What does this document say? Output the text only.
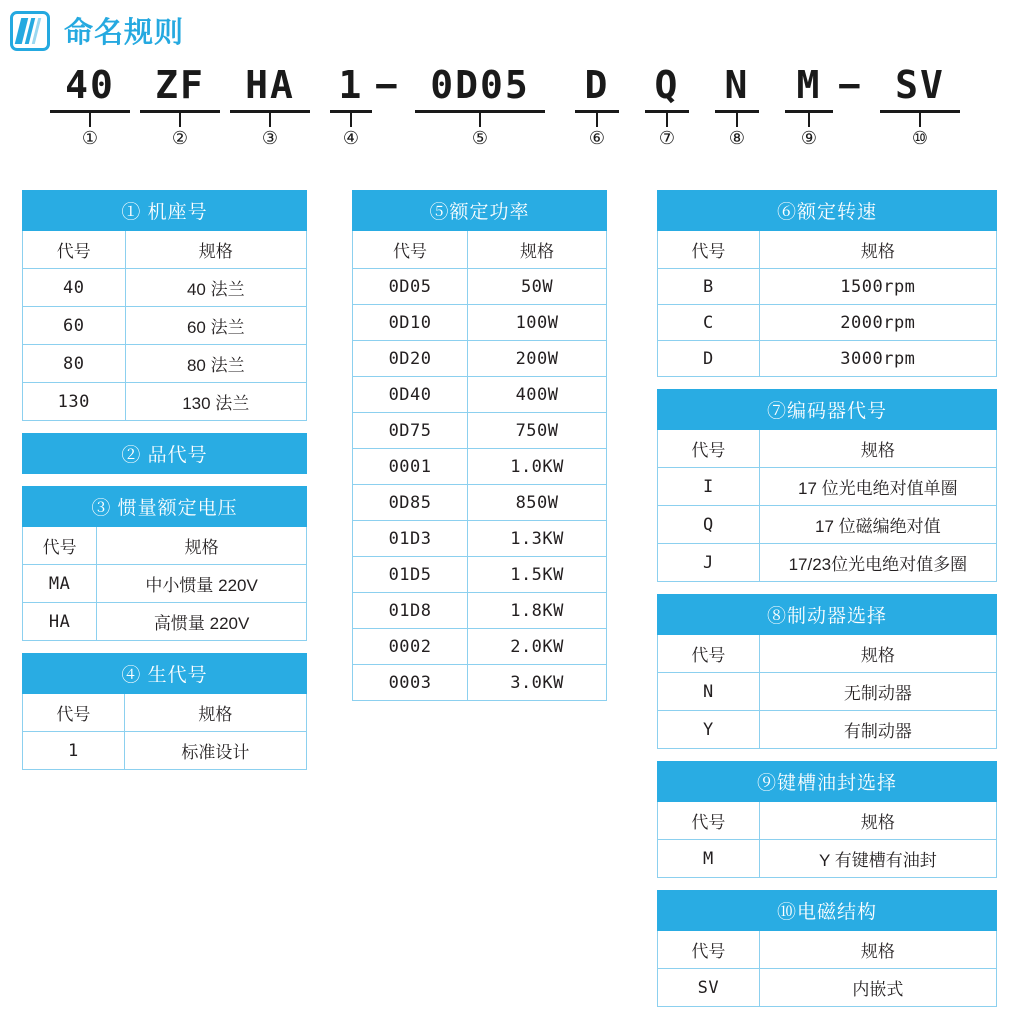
命名规则
40
①
ZF
②
HA
③
1
④
− 0D05
⑤
D
⑥
Q
⑦
N
⑧
M
⑨
− SV
⑩
① 机座号	
代号	规格
40	40 法兰
60	60 法兰
80	80 法兰
130	130 法兰
② 品代号
③ 惯量额定电压	
代号	规格
MA	中小惯量 220V
HA	高惯量 220V
④ 生代号	
代号	规格
1	标准设计
⑤额定功率	
代号	规格
0D05	50W
0D10	100W
0D20	200W
0D40	400W
0D75	750W
0001	1.0KW
0D85	850W
01D3	1.3KW
01D5	1.5KW
01D8	1.8KW
0002	2.0KW
0003	3.0KW
⑥额定转速	
代号	规格
B	1500rpm
C	2000rpm
D	3000rpm
⑦编码器代号	
代号	规格
I	17 位光电绝对值单圈
Q	17 位磁编绝对值
J	17/23位光电绝对值多圈
⑧制动器选择	
代号	规格
N	无制动器
Y	有制动器
⑨键槽油封选择	
代号	规格
M	Y 有键槽有油封
⑩电磁结构	
代号	规格
SV	内嵌式
